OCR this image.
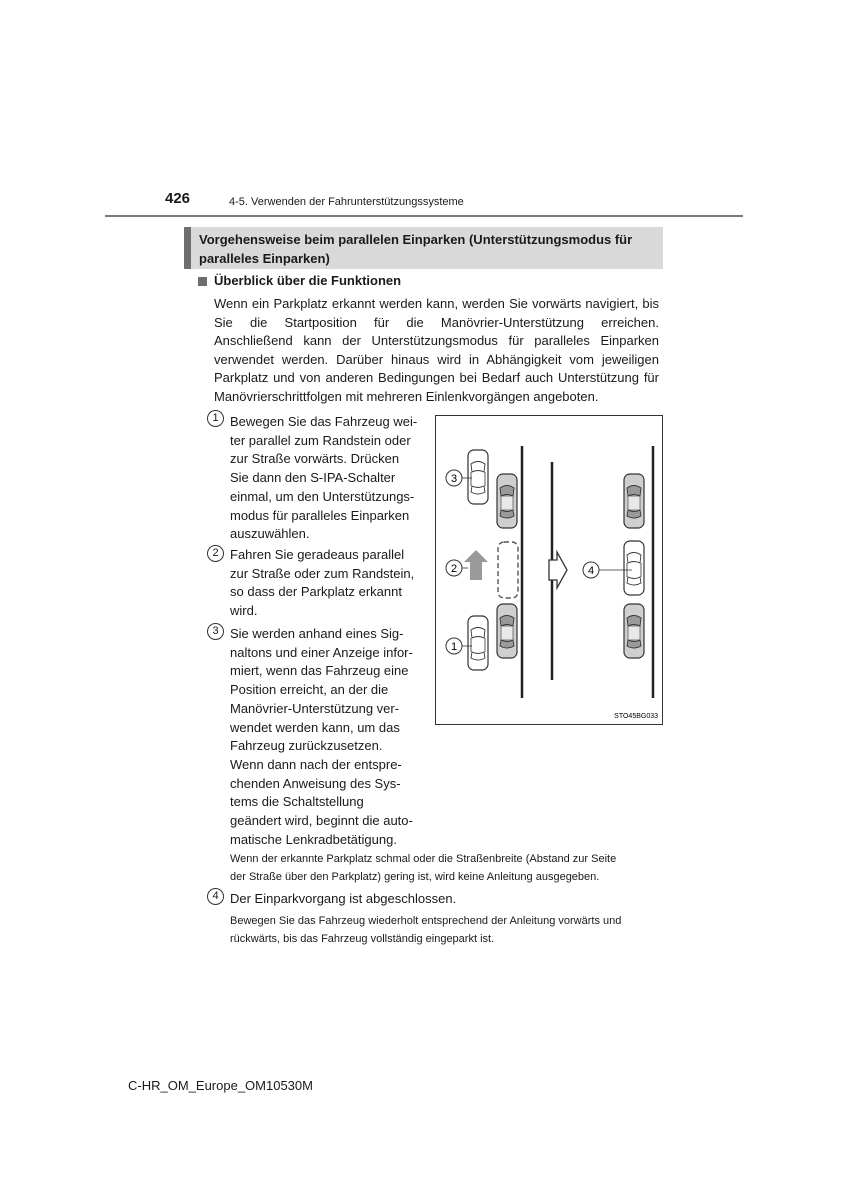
426	4-5. Verwenden der Fahrunterstützungssysteme
Vorgehensweise beim parallelen Einparken (Unterstützungsmodus für
paralleles Einparken)
Überblick über die Funktionen
Wenn ein Parkplatz erkannt werden kann, werden Sie vorwärts navigiert, bis Sie die Startposition für die Manövrier-Unterstützung erreichen. Anschließend kann der Unterstützungsmodus für paralleles Einparken verwendet werden. Darüber hinaus wird in Abhängigkeit vom jeweiligen Parkplatz und von anderen Bedingungen bei Bedarf auch Unterstützung für Manövrierschrittfolgen mit mehreren Einlenkvorgängen angeboten.
1 Bewegen Sie das Fahrzeug wei-
ter parallel zum Randstein oder
zur Straße vorwärts. Drücken
Sie dann den S-IPA-Schalter
einmal, um den Unterstützungs-
modus für paralleles Einparken
auszuwählen.
2 Fahren Sie geradeaus parallel
zur Straße oder zum Randstein,
so dass der Parkplatz erkannt
wird.
3 Sie werden anhand eines Sig-
naltons und einer Anzeige infor-
miert, wenn das Fahrzeug eine
Position erreicht, an der die
Manövrier-Unterstützung ver-
wendet werden kann, um das
Fahrzeug zurückzusetzen.
Wenn dann nach der entspre-
chenden Anweisung des Sys-
tems die Schaltstellung
geändert wird, beginnt die auto-
matische Lenkradbetätigung.
Wenn der erkannte Parkplatz schmal oder die Straßenbreite (Abstand zur Seite
der Straße über den Parkplatz) gering ist, wird keine Anleitung ausgegeben.
4 Der Einparkvorgang ist abgeschlossen.
Bewegen Sie das Fahrzeug wiederholt entsprechend der Anleitung vorwärts und
rückwärts, bis das Fahrzeug vollständig eingeparkt ist.
3
2
1
4
STO45BG033
C-HR_OM_Europe_OM10530M
